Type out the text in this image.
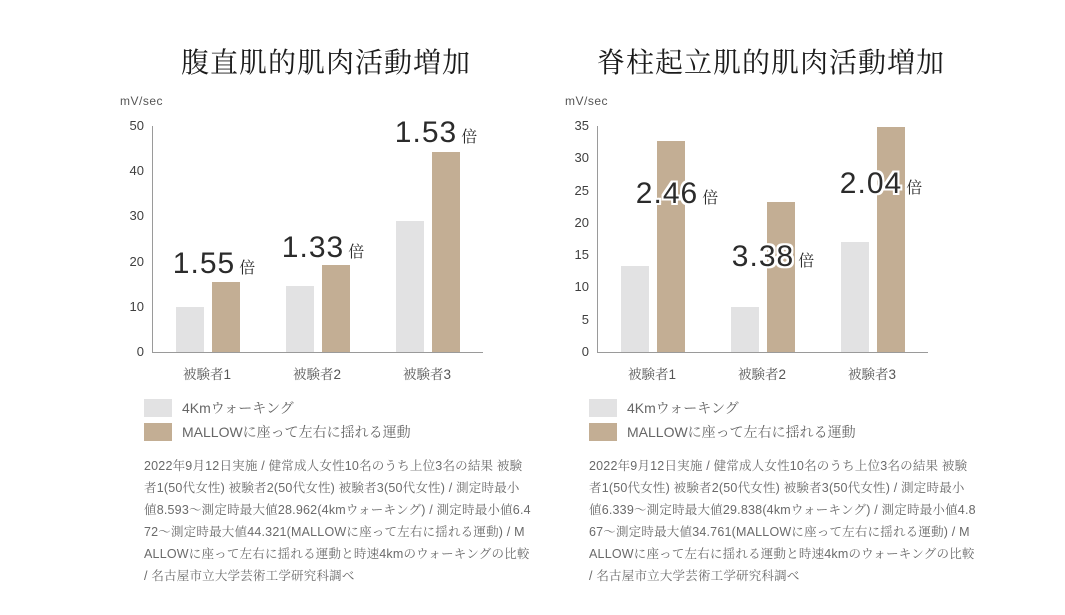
腹直肌的肌肉活動増加
mV/sec
0
10
20
30
40
50
1.55 倍
1.33 倍
1.53 倍
被験者1	被験者2	被験者3
4Kmウォーキング
MALLOWに座って左右に揺れる運動

2022年9月12日実施 / 健常成人女性10名のうち上位3名の結果 被験者1(50代女性) 被験者2(50代女性) 被験者3(50代女性) / 測定時最小値8.593～測定時最大値28.962(4kmウォーキング) / 測定時最小値6.472～測定時最大値44.321(MALLOWに座って左右に揺れる運動) / MALLOWに座って左右に揺れる運動と時速4kmのウォーキングの比較 / 名古屋市立大学芸術工学研究科調べ

脊柱起立肌的肌肉活動増加
mV/sec
0
5
10
15
20
25
30
35
2.46 倍
3.38 倍
2.04 倍
被験者1	被験者2	被験者3
4Kmウォーキング
MALLOWに座って左右に揺れる運動

2022年9月12日実施 / 健常成人女性10名のうち上位3名の結果 被験者1(50代女性) 被験者2(50代女性) 被験者3(50代女性) / 測定時最小値6.339～測定時最大値29.838(4kmウォーキング) / 測定時最小値4.867～測定時最大値34.761(MALLOWに座って左右に揺れる運動) / MALLOWに座って左右に揺れる運動と時速4kmのウォーキングの比較 / 名古屋市立大学芸術工学研究科調べ
